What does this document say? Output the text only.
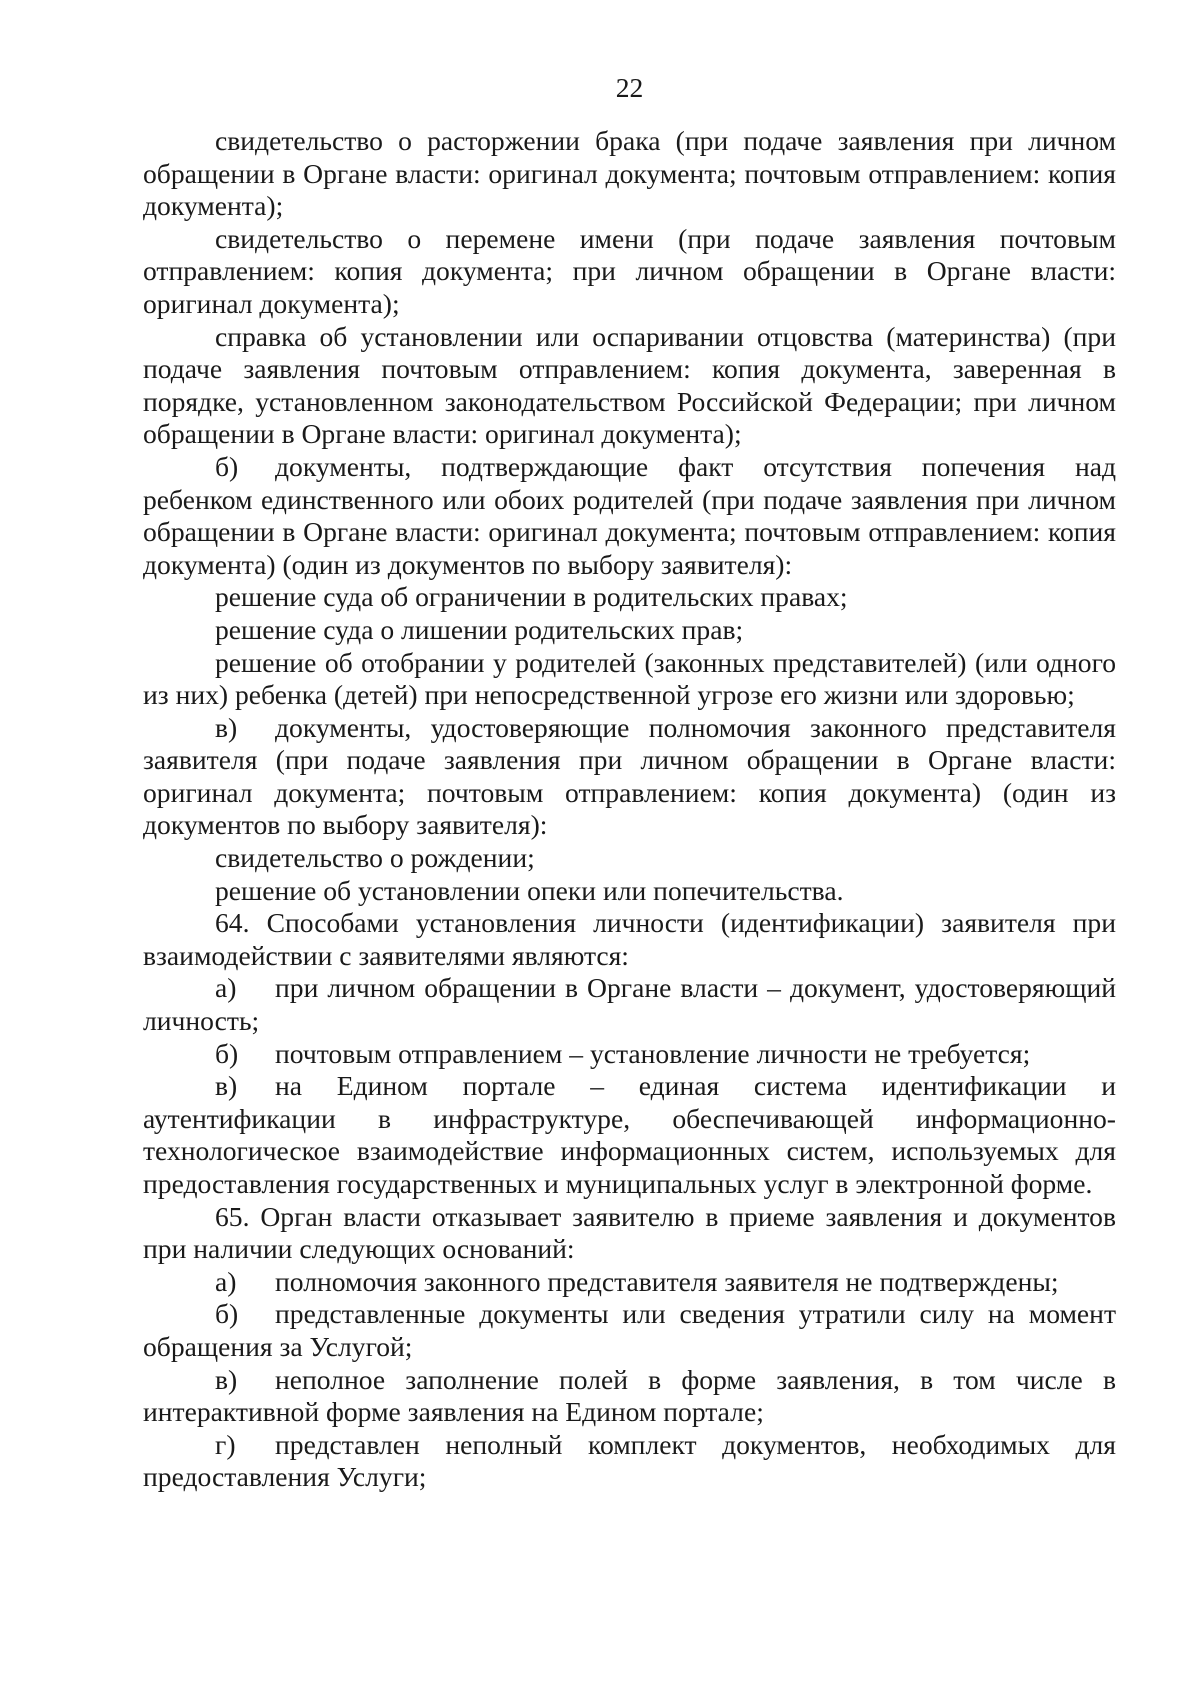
22

свидетельство о расторжении брака (при подаче заявления при личном обращении в Органе власти: оригинал документа; почтовым отправлением: копия документа);

свидетельство о перемене имени (при подаче заявления почтовым отправлением: копия документа; при личном обращении в Органе власти: оригинал документа);

справка об установлении или оспаривании отцовства (материнства) (при подаче заявления почтовым отправлением: копия документа, заверенная в порядке, установленном законодательством Российской Федерации; при личном обращении в Органе власти: оригинал документа);

б) документы, подтверждающие факт отсутствия попечения над ребенком единственного или обоих родителей (при подаче заявления при личном обращении в Органе власти: оригинал документа; почтовым отправлением: копия документа) (один из документов по выбору заявителя):

решение суда об ограничении в родительских правах;

решение суда о лишении родительских прав;

решение об отобрании у родителей (законных представителей) (или одного из них) ребенка (детей) при непосредственной угрозе его жизни или здоровью;

в) документы, удостоверяющие полномочия законного представителя заявителя (при подаче заявления при личном обращении в Органе власти: оригинал документа; почтовым отправлением: копия документа) (один из документов по выбору заявителя):

свидетельство о рождении;

решение об установлении опеки или попечительства.

64. Способами установления личности (идентификации) заявителя при взаимодействии с заявителями являются:

а) при личном обращении в Органе власти – документ, удостоверяющий личность;

б) почтовым отправлением – установление личности не требуется;

в) на Едином портале – единая система идентификации и аутентификации в инфраструктуре, обеспечивающей информационно-технологическое взаимодействие информационных систем, используемых для предоставления государственных и муниципальных услуг в электронной форме.

65. Орган власти отказывает заявителю в приеме заявления и документов при наличии следующих оснований:

а) полномочия законного представителя заявителя не подтверждены;

б) представленные документы или сведения утратили силу на момент обращения за Услугой;

в) неполное заполнение полей в форме заявления, в том числе в интерактивной форме заявления на Едином портале;

г) представлен неполный комплект документов, необходимых для предоставления Услуги;
